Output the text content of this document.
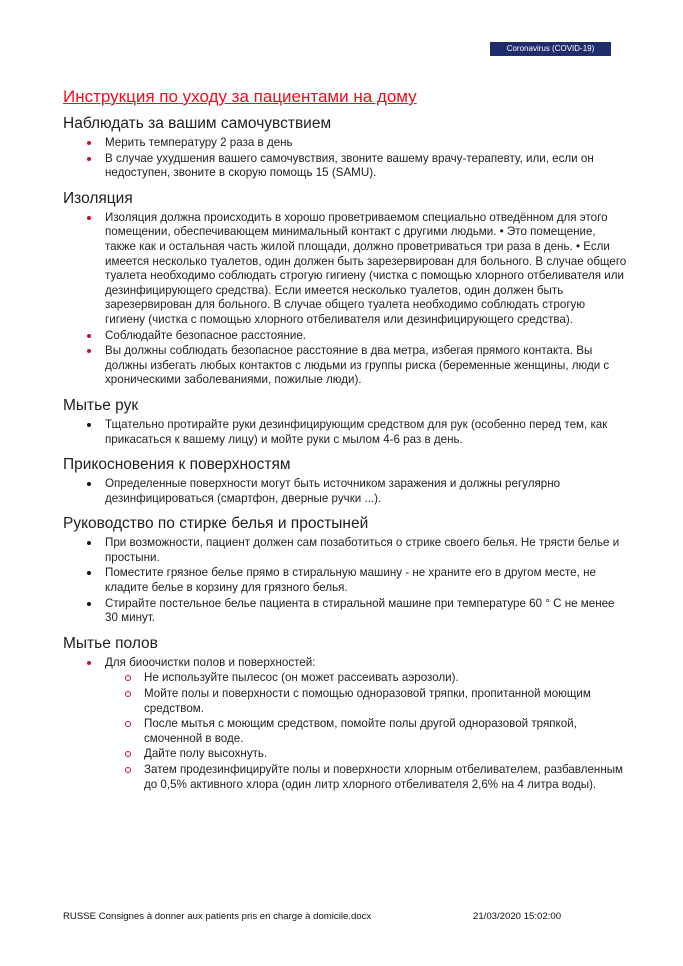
Coronavirus (COVID-19)
Инструкция по уходу за пациентами на дому
Наблюдать за вашим самочувствием
Мерить температуру 2 раза в день
В случае ухудшения вашего самочувствия, звоните вашему врачу-терапевту, или, если он недоступен, звоните в скорую помощь 15 (SAMU).
Изоляция
Изоляция должна происходить в хорошо проветриваемом специально отведённом для этого помещении, обеспечивающем минимальный контакт с другими людьми. • Это помещение, также как и остальная часть жилой площади, должно проветриваться три раза в день. • Если имеется несколько туалетов, один должен быть зарезервирован для больного. В случае общего туалета необходимо соблюдать строгую гигиену (чистка с помощью хлорного отбеливателя или дезинфицирующего средства). Если имеется несколько туалетов, один должен быть зарезервирован для больного. В случае общего туалета необходимо соблюдать строгую гигиену (чистка с помощью хлорного отбеливателя или дезинфицирующего средства).
Соблюдайте безопасное расстояние.
Вы должны соблюдать безопасное расстояние в два метра, избегая прямого контакта. Вы должны избегать любых контактов с людьми из группы риска (беременные женщины, люди с хроническими заболеваниями, пожилые люди).
Мытье рук
Тщательно протирайте руки дезинфицирующим средством для рук (особенно перед тем, как прикасаться к вашему лицу) и мойте руки с мылом 4-6 раз в день.
Прикосновения к поверхностям
Определенные поверхности могут быть источником заражения и должны регулярно дезинфицироваться (смартфон, дверные ручки ...).
Руководство по стирке белья и простыней
При возможности, пациент должен сам позаботиться о стрике своего белья. Не трясти белье и простыни.
Поместите грязное белье прямо в стиральную машину - не храните его в другом месте, не кладите белье в корзину для грязного белья.
Стирайте постельное белье пациента в стиральной машине при температуре 60 ° С не менее 30 минут.
Мытье полов
Для биоочистки полов и поверхностей:
Не используйте пылесос (он может рассеивать аэрозоли).
Мойте полы и поверхности с помощью одноразовой тряпки, пропитанной моющим средством.
После мытья с моющим средством, помойте полы другой одноразовой тряпкой, смоченной в воде.
Дайте полу высохнуть.
Затем продезинфицируйте полы и поверхности хлорным отбеливателем, разбавленным до 0,5% активного хлора (один литр хлорного отбеливателя 2,6% на 4 литра воды).
RUSSE Consignes à donner aux patients pris en charge à domicile.docx	21/03/2020 15:02:00
